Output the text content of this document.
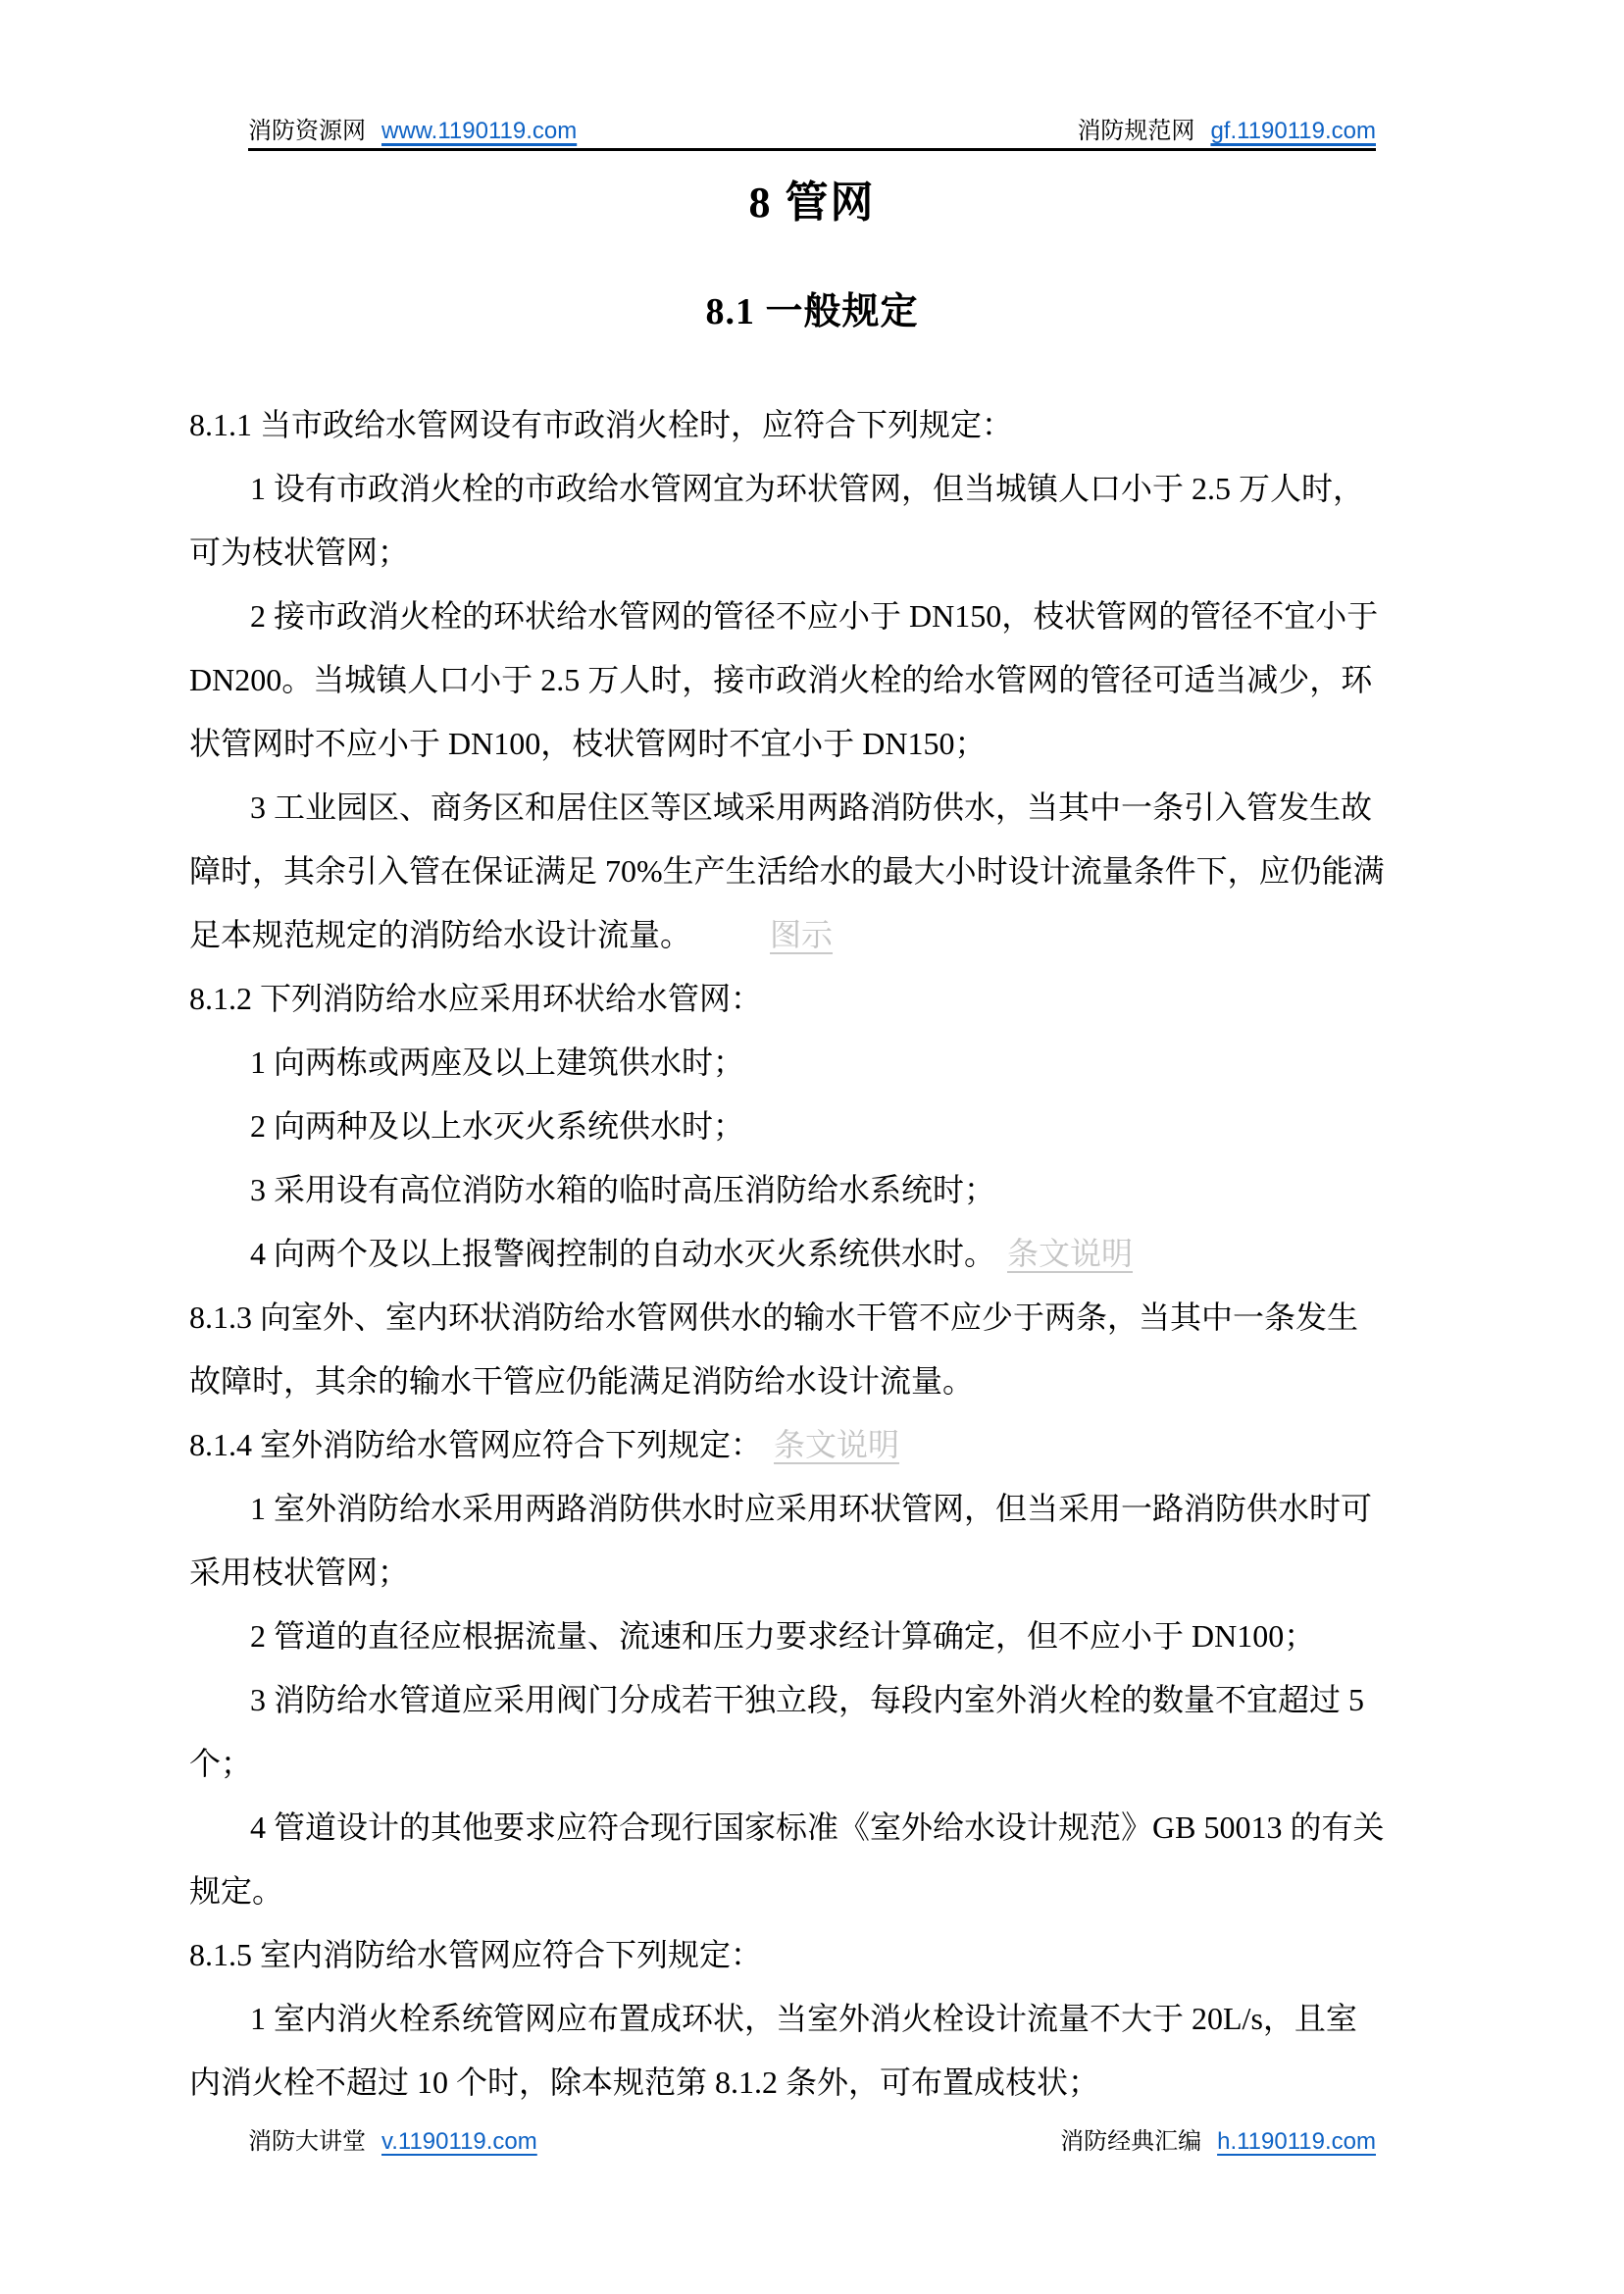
消防资源网 www.1190119.com	消防规范网 gf.1190119.com
8 管网
8.1 一般规定
8.1.1 当市政给水管网设有市政消火栓时，应符合下列规定：
1 设有市政消火栓的市政给水管网宜为环状管网，但当城镇人口小于 2.5 万人时，
可为枝状管网；
2 接市政消火栓的环状给水管网的管径不应小于 DN150，枝状管网的管径不宜小于
DN200。当城镇人口小于 2.5 万人时，接市政消火栓的给水管网的管径可适当减少，环
状管网时不应小于 DN100，枝状管网时不宜小于 DN150；
3 工业园区、商务区和居住区等区域采用两路消防供水，当其中一条引入管发生故
障时，其余引入管在保证满足 70%生产生活给水的最大小时设计流量条件下，应仍能满
足本规范规定的消防给水设计流量。	图示
8.1.2 下列消防给水应采用环状给水管网：
1 向两栋或两座及以上建筑供水时；
2 向两种及以上水灭火系统供水时；
3 采用设有高位消防水箱的临时高压消防给水系统时；
4 向两个及以上报警阀控制的自动水灭火系统供水时。 条文说明
8.1.3 向室外、室内环状消防给水管网供水的输水干管不应少于两条，当其中一条发生
故障时，其余的输水干管应仍能满足消防给水设计流量。
8.1.4 室外消防给水管网应符合下列规定： 条文说明
1 室外消防给水采用两路消防供水时应采用环状管网，但当采用一路消防供水时可
采用枝状管网；
2 管道的直径应根据流量、流速和压力要求经计算确定，但不应小于 DN100；
3 消防给水管道应采用阀门分成若干独立段，每段内室外消火栓的数量不宜超过 5
个；
4 管道设计的其他要求应符合现行国家标准《室外给水设计规范》GB 50013 的有关
规定。
8.1.5 室内消防给水管网应符合下列规定：
1 室内消火栓系统管网应布置成环状，当室外消火栓设计流量不大于 20L/s，且室
内消火栓不超过 10 个时，除本规范第 8.1.2 条外，可布置成枝状；
消防大讲堂 v.1190119.com	消防经典汇编 h.1190119.com
